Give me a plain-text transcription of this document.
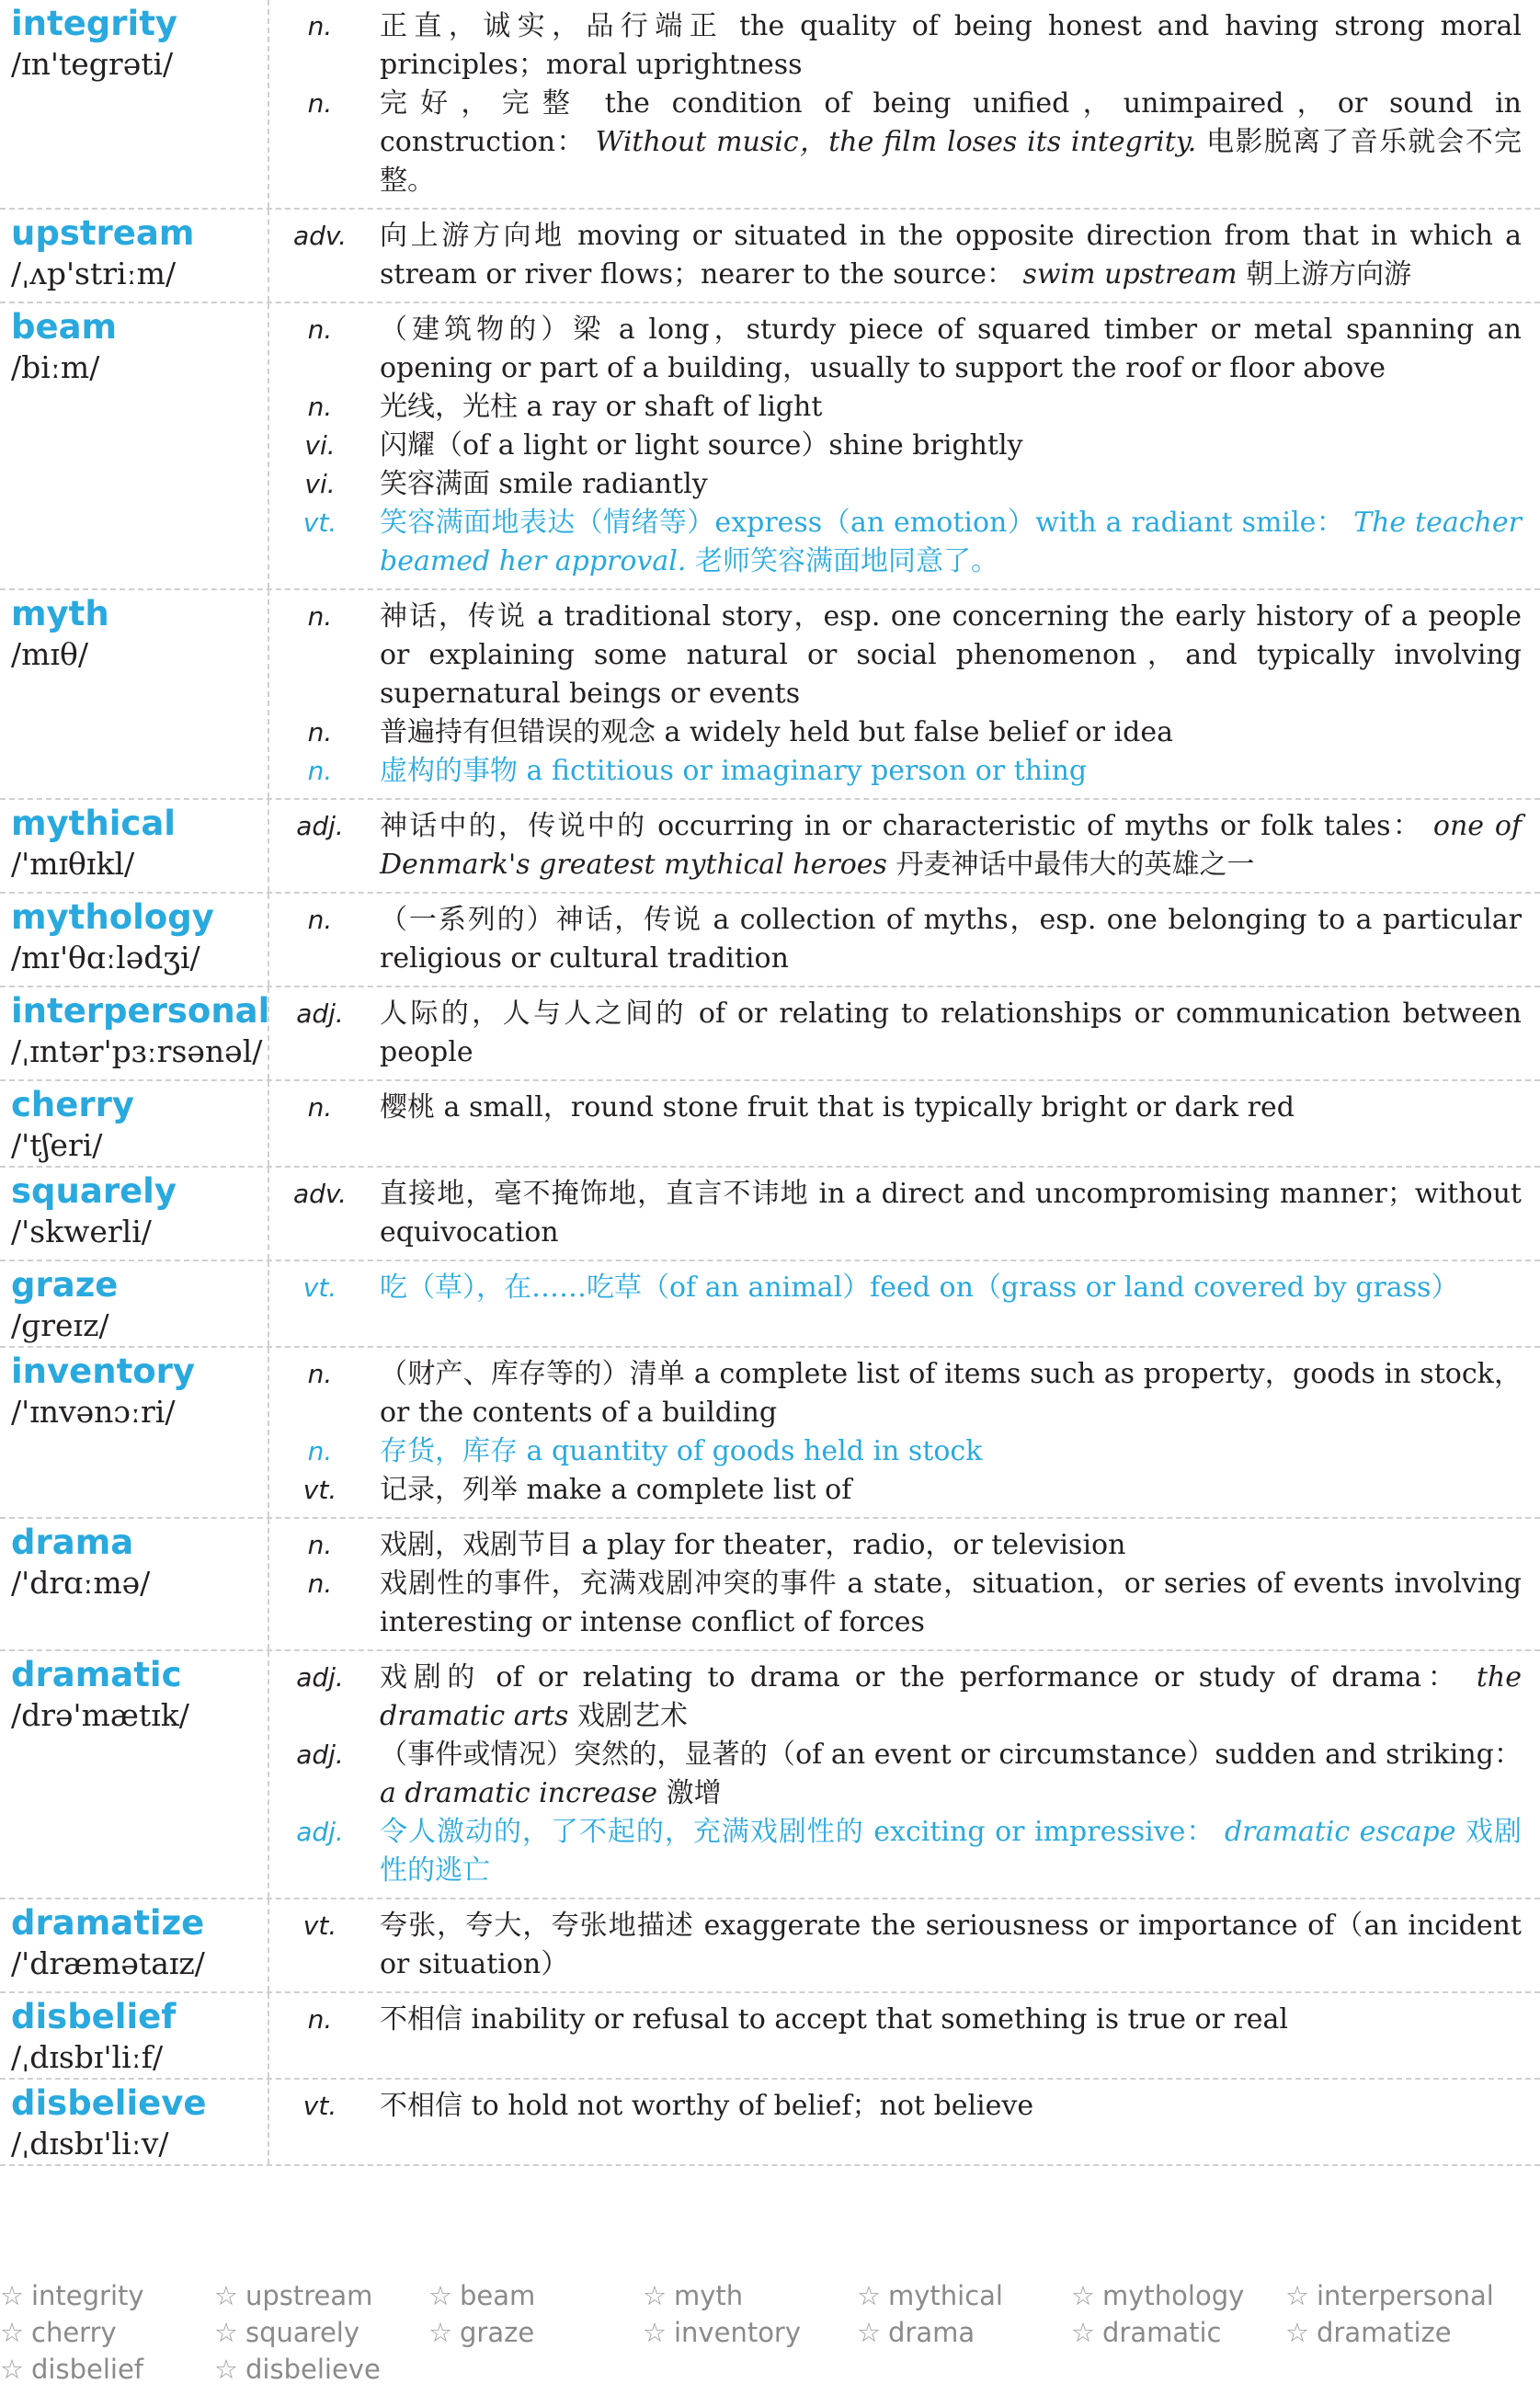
integrity
/ɪn'tegrəti/
n.	正直，诚实，品行端正 the quality of being honest and having strong moral principles；moral uprightness
n.	完好，完整 the condition of being unified，unimpaired，or sound in construction： Without music，the film loses its integrity. 电影脱离了音乐就会不完整。
upstream
/ˌʌp'striːm/
adv.	向上游方向地 moving or situated in the opposite direction from that in which a stream or river flows；nearer to the source： swim upstream 朝上游方向游
beam
/biːm/
n.	（建筑物的）梁 a long，sturdy piece of squared timber or metal spanning an opening or part of a building，usually to support the roof or floor above
n.	光线，光柱 a ray or shaft of light
vi.	闪耀（of a light or light source）shine brightly
vi.	笑容满面 smile radiantly
vt.	笑容满面地表达（情绪等）express（an emotion）with a radiant smile： The teacher beamed her approval. 老师笑容满面地同意了。
myth
/mɪθ/
n.	神话，传说 a traditional story，esp. one concerning the early history of a people or explaining some natural or social phenomenon，and typically involving supernatural beings or events
n.	普遍持有但错误的观念 a widely held but false belief or idea
n.	虚构的事物 a fictitious or imaginary person or thing
mythical
/'mɪθɪkl/
adj.	神话中的，传说中的 occurring in or characteristic of myths or folk tales： one of Denmark's greatest mythical heroes 丹麦神话中最伟大的英雄之一
mythology
/mɪ'θɑːlədʒi/
n.	（一系列的）神话，传说 a collection of myths，esp. one belonging to a particular religious or cultural tradition
interpersonal
/ˌɪntər'pɜːrsənəl/
adj.	人际的，人与人之间的 of or relating to relationships or communication between people
cherry
/'tʃeri/
n.	樱桃 a small，round stone fruit that is typically bright or dark red
squarely
/'skwerli/
adv.	直接地，毫不掩饰地，直言不讳地 in a direct and uncompromising manner；without equivocation
graze
/ɡreɪz/
vt.	吃（草），在……吃草（of an animal）feed on（grass or land covered by grass）
inventory
/'ɪnvənɔːri/
n.	（财产、库存等的）清单 a complete list of items such as property，goods in stock，or the contents of a building
n.	存货，库存 a quantity of goods held in stock
vt.	记录，列举 make a complete list of
drama
/'drɑːmə/
n.	戏剧，戏剧节目 a play for theater，radio，or television
n.	戏剧性的事件，充满戏剧冲突的事件 a state，situation，or series of events involving interesting or intense conflict of forces
dramatic
/drə'mætɪk/
adj.	戏剧的 of or relating to drama or the performance or study of drama： the dramatic arts 戏剧艺术
adj.	（事件或情况）突然的，显著的（of an event or circumstance）sudden and striking： a dramatic increase 激增
adj.	令人激动的，了不起的，充满戏剧性的 exciting or impressive： dramatic escape 戏剧性的逃亡
dramatize
/'dræmətaɪz/
vt.	夸张，夸大，夸张地描述 exaggerate the seriousness or importance of（an incident or situation）
disbelief
/ˌdɪsbɪ'liːf/
n.	不相信 inability or refusal to accept that something is true or real
disbelieve
/ˌdɪsbɪ'liːv/
vt.	不相信 to hold not worthy of belief；not believe
☆ integrity	☆ upstream	☆ beam	☆ myth	☆ mythical	☆ mythology	☆ interpersonal
☆ cherry	☆ squarely	☆ graze	☆ inventory	☆ drama	☆ dramatic	☆ dramatize
☆ disbelief	☆ disbelieve
